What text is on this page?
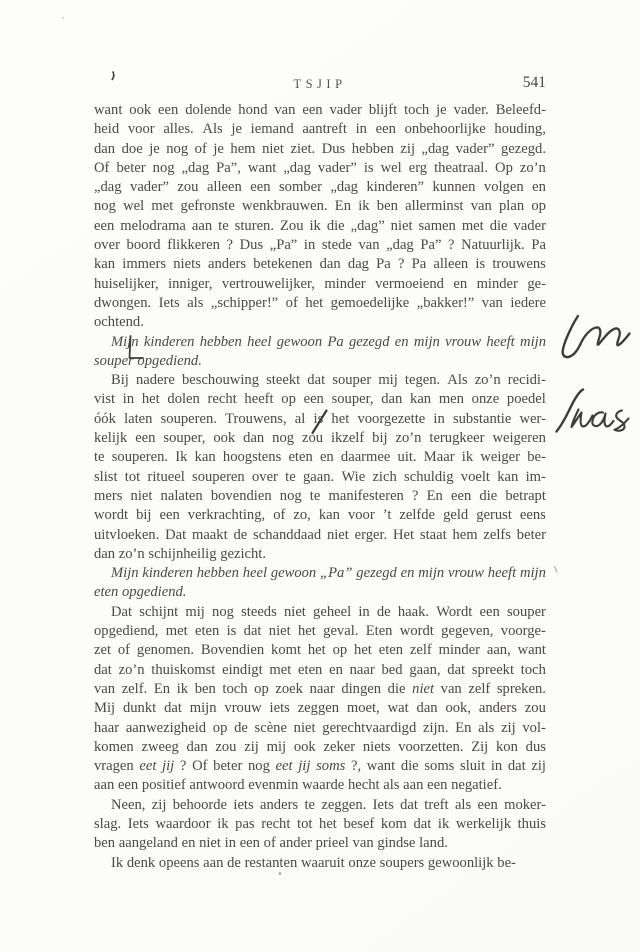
TSJIP	541
want ook een dolende hond van een vader blijft toch je vader. Beleefd-
heid voor alles. Als je iemand aantreft in een onbehoorlijke houding,
dan doe je nog of je hem niet ziet. Dus hebben zij „dag vader” gezegd.
Of beter nog „dag Pa”, want „dag vader” is wel erg theatraal. Op zo’n
„dag vader” zou alleen een somber „dag kinderen” kunnen volgen en
nog wel met gefronste wenkbrauwen. En ik ben allerminst van plan op
een melodrama aan te sturen. Zou ik die „dag” niet samen met die vader
over boord flikkeren ? Dus „Pa” in stede van „dag Pa” ? Natuurlijk. Pa
kan immers niets anders betekenen dan dag Pa ? Pa alleen is trouwens
huiselijker, inniger, vertrouwelijker, minder vermoeiend en minder ge-
dwongen. Iets als „schipper!” of het gemoedelijke „bakker!” van iedere
ochtend.
Mijn kinderen hebben heel gewoon Pa gezegd en mijn vrouw heeft mijn
souper opgediend.
Bij nadere beschouwing steekt dat souper mij tegen. Als zo’n recidi-
vist in het dolen recht heeft op een souper, dan kan men onze poedel
óók laten souperen. Trouwens, al is het voorgezette in substantie wer-
kelijk een souper, ook dan nog zou ikzelf bij zo’n terugkeer weigeren
te souperen. Ik kan hoogstens eten en daarmee uit. Maar ik weiger be-
slist tot ritueel souperen over te gaan. Wie zich schuldig voelt kan im-
mers niet nalaten bovendien nog te manifesteren ? En een die betrapt
wordt bij een verkrachting, of zo, kan voor ’t zelfde geld gerust eens
uitvloeken. Dat maakt de schanddaad niet erger. Het staat hem zelfs beter
dan zo’n schijnheilig gezicht.
Mijn kinderen hebben heel gewoon „Pa” gezegd en mijn vrouw heeft mijn
eten opgediend.
Dat schijnt mij nog steeds niet geheel in de haak. Wordt een souper
opgediend, met eten is dat niet het geval. Eten wordt gegeven, voorge-
zet of genomen. Bovendien komt het op het eten zelf minder aan, want
dat zo’n thuiskomst eindigt met eten en naar bed gaan, dat spreekt toch
van zelf. En ik ben toch op zoek naar dingen die niet van zelf spreken.
Mij dunkt dat mijn vrouw iets zeggen moet, wat dan ook, anders zou
haar aanwezigheid op de scène niet gerechtvaardigd zijn. En als zij vol-
komen zweeg dan zou zij mij ook zeker niets voorzetten. Zij kon dus
vragen eet jij ? Of beter nog eet jij soms ?, want die soms sluit in dat zij
aan een positief antwoord evenmin waarde hecht als aan een negatief.
Neen, zij behoorde iets anders te zeggen. Iets dat treft als een moker-
slag. Iets waardoor ik pas recht tot het besef kom dat ik werkelijk thuis
ben aangeland en niet in een of ander prieel van gindse land.
Ik denk opeens aan de restanten waaruit onze soupers gewoonlijk be-
